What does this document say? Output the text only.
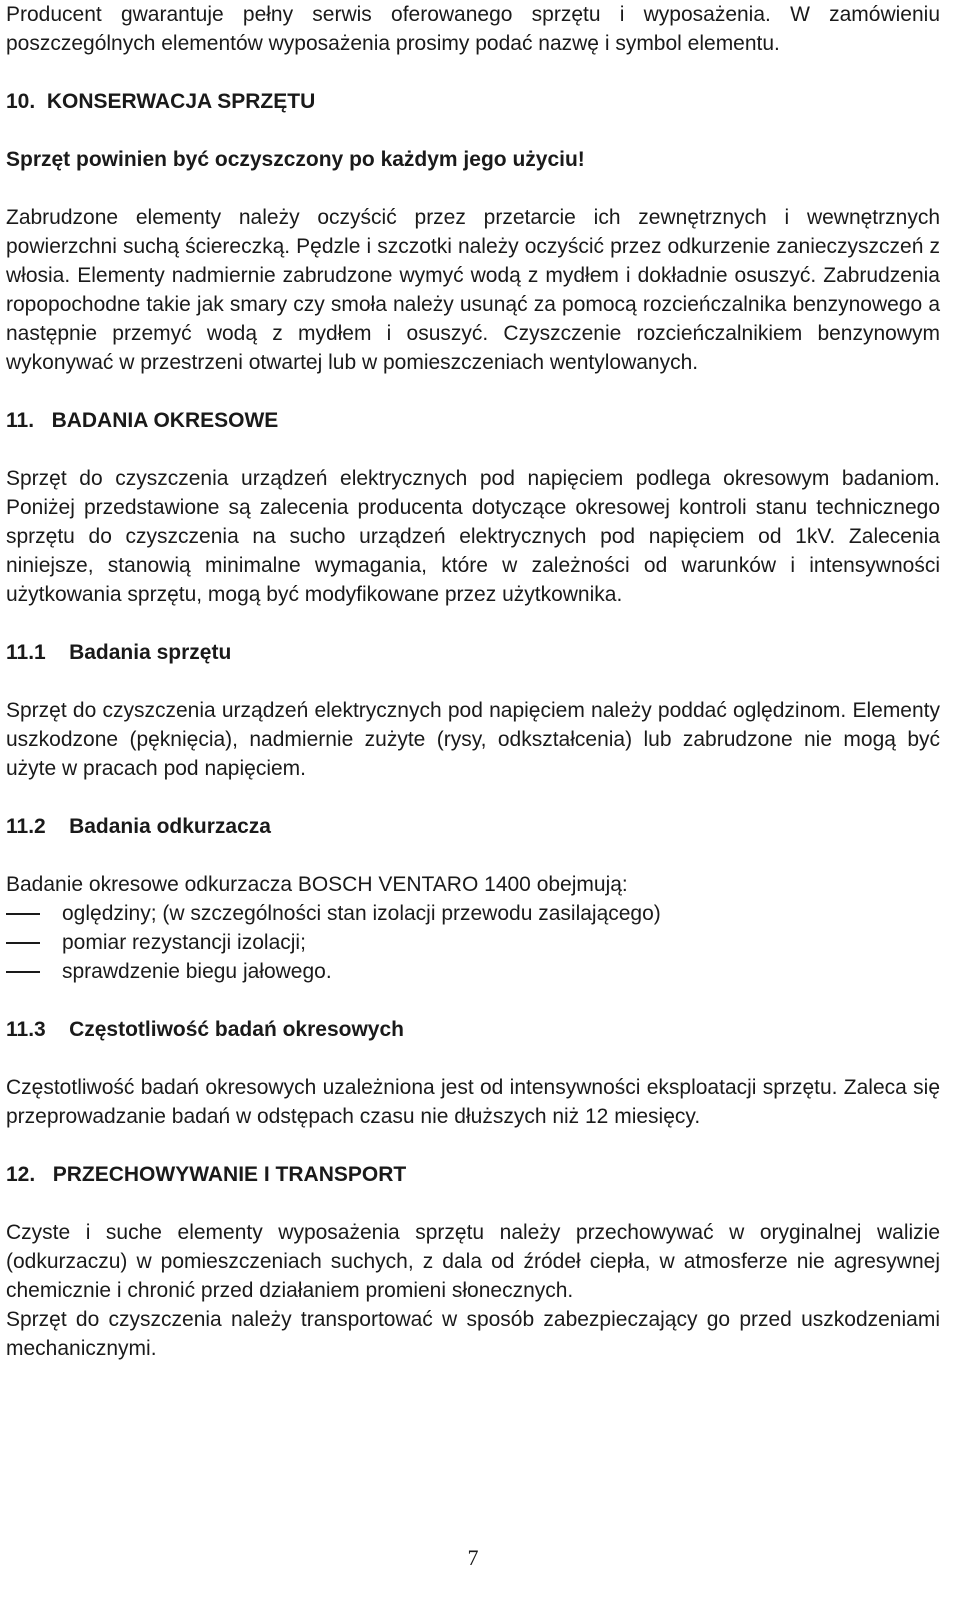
Producent gwarantuje pełny serwis oferowanego sprzętu i wyposażenia. W zamówieniu poszczególnych elementów wyposażenia prosimy podać nazwę i symbol elementu.

10. KONSERWACJA SPRZĘTU

Sprzęt powinien być oczyszczony po każdym jego użyciu!

Zabrudzone elementy należy oczyścić przez przetarcie ich zewnętrznych i wewnętrznych powierzchni suchą ściereczką. Pędzle i szczotki należy oczyścić przez odkurzenie zanieczyszczeń z włosia. Elementy nadmiernie zabrudzone wymyć wodą z mydłem i dokładnie osuszyć. Zabrudzenia ropopochodne takie jak smary czy smoła należy usunąć za pomocą rozcieńczalnika benzynowego a następnie przemyć wodą z mydłem i osuszyć. Czyszczenie rozcieńczalnikiem benzynowym wykonywać w przestrzeni otwartej lub w pomieszczeniach wentylowanych.

11. BADANIA OKRESOWE

Sprzęt do czyszczenia urządzeń elektrycznych pod napięciem podlega okresowym badaniom. Poniżej przedstawione są zalecenia producenta dotyczące okresowej kontroli stanu technicznego sprzętu do czyszczenia na sucho urządzeń elektrycznych pod napięciem od 1kV. Zalecenia niniejsze, stanowią minimalne wymagania, które w zależności od warunków i intensywności użytkowania sprzętu, mogą być modyfikowane przez użytkownika.

11.1 Badania sprzętu

Sprzęt do czyszczenia urządzeń elektrycznych pod napięciem należy poddać oględzinom. Elementy uszkodzone (pęknięcia), nadmiernie zużyte (rysy, odkształcenia) lub zabrudzone nie mogą być użyte w pracach pod napięciem.

11.2 Badania odkurzacza

Badanie okresowe odkurzacza BOSCH VENTARO 1400 obejmują:

oględziny; (w szczególności stan izolacji przewodu zasilającego)
pomiar rezystancji izolacji;
sprawdzenie biegu jałowego.
11.3 Częstotliwość badań okresowych

Częstotliwość badań okresowych uzależniona jest od intensywności eksploatacji sprzętu. Zaleca się przeprowadzanie badań w odstępach czasu nie dłuższych niż 12 miesięcy.

12. PRZECHOWYWANIE I TRANSPORT

Czyste i suche elementy wyposażenia sprzętu należy przechowywać w oryginalnej walizie (odkurzaczu) w pomieszczeniach suchych, z dala od źródeł ciepła, w atmosferze nie agresywnej chemicznie i chronić przed działaniem promieni słonecznych.

Sprzęt do czyszczenia należy transportować w sposób zabezpieczający go przed uszkodzeniami mechanicznymi.

7
